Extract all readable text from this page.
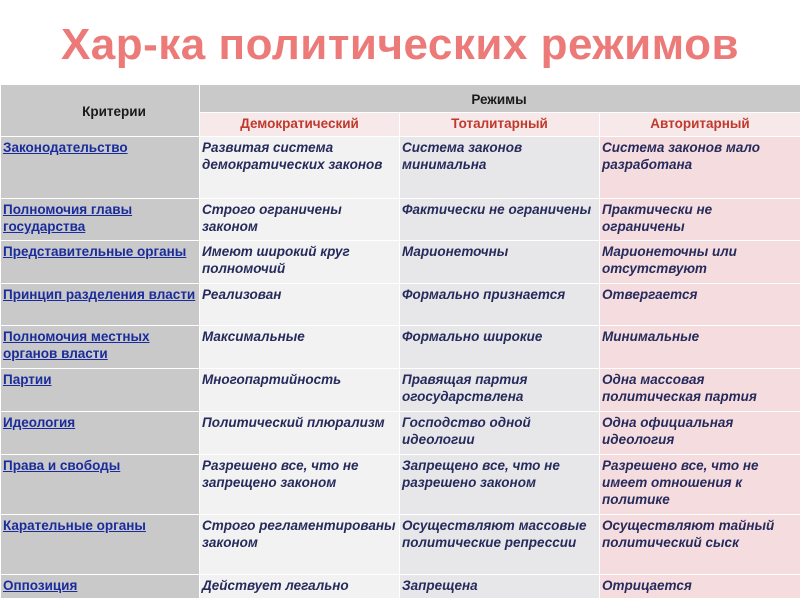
Хар-ка политических режимов
Критерии	Режимы		
	Демократический	Тоталитарный	Авторитарный
Законодательство	Развитая система демократических законов	Система законов минимальна	Система законов мало разработана
Полномочия главы государства	Строго ограничены законом	Фактически не ограничены	Практически не ограничены
Представительные органы	Имеют широкий круг полномочий	Марионеточны	Марионеточны или отсутствуют
Принцип разделения власти	Реализован	Формально признается	Отвергается
Полномочия местных органов власти	Максимальные	Формально широкие	Минимальные
Партии	Многопартийность	Правящая партия огосударствлена	Одна массовая политическая партия
Идеология	Политический плюрализм	Господство одной идеологии	Одна официальная идеология
Права и свободы	Разрешено все, что не запрещено законом	Запрещено все, что не разрешено законом	Разрешено все, что не имеет отношения к политике
Карательные органы	Строго регламентированы законом	Осуществляют массовые политические репрессии	Осуществляют тайный политический сыск
Оппозиция	Действует легально	Запрещена	Отрицается
